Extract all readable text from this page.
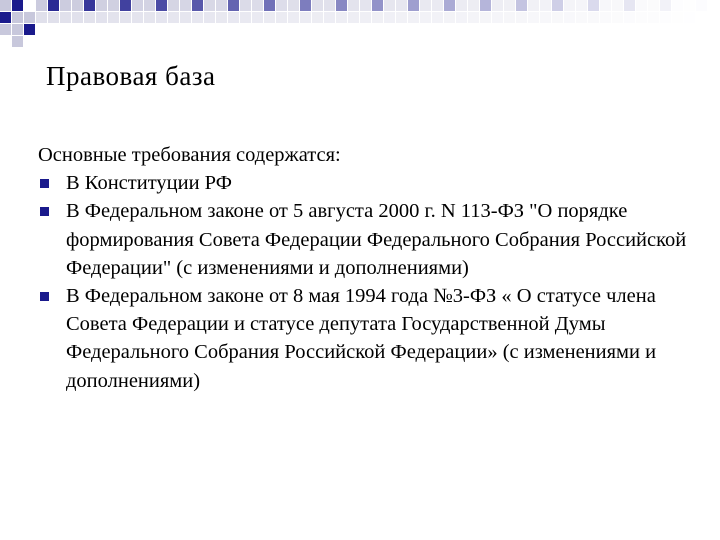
Правовая база
Основные требования содержатся:
В Конституции РФ
В Федеральном законе от 5 августа 2000 г. N 113-ФЗ "О порядке формирования Совета Федерации Федерального Собрания Российской Федерации" (с изменениями и дополнениями)
В Федеральном законе от 8 мая 1994 года №3-ФЗ « О статусе члена Совета Федерации и статусе депутата Государственной Думы Федерального Собрания Российской Федерации» (с изменениями и дополнениями)
